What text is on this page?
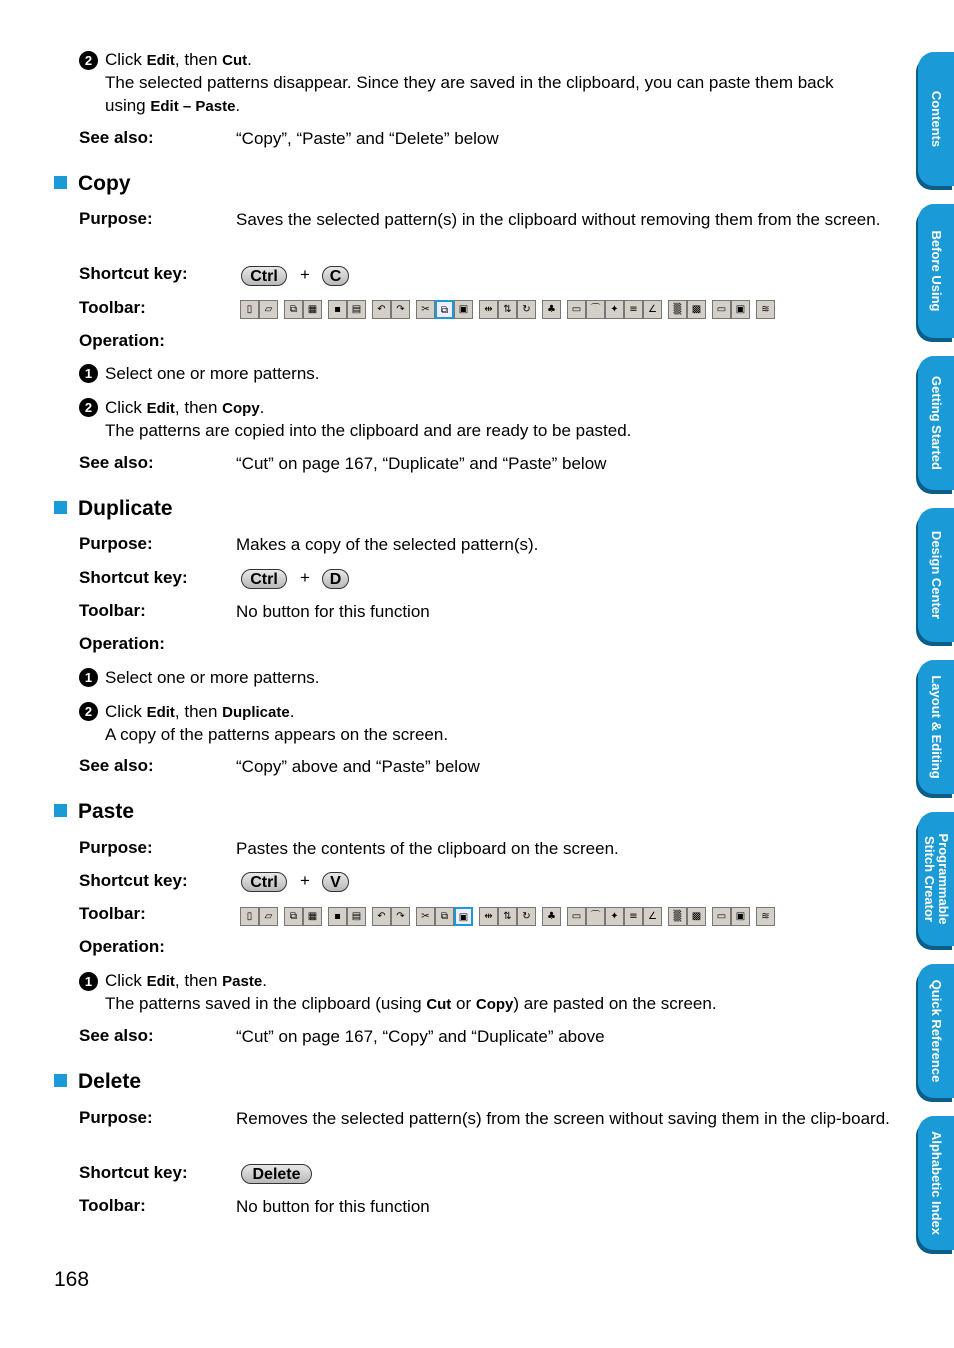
2 Click Edit, then Cut.
The selected patterns disappear. Since they are saved in the clipboard, you can paste them back
using Edit – Paste.
See also:	“Copy”, “Paste” and “Delete” below
Copy
Purpose:	Saves the selected pattern(s) in the clipboard without removing them from the screen.
Shortcut key:	Ctrl	+	C
Toolbar:	▯	▱	⧉	▦	▪	▤	↶	↷	✂	⧉	▣	⇹	⇅	↻	♣	▭ ⌒ ✦	≡	∠	▒	▩	▭ ▣	≋
Operation:
1 Select one or more patterns.
2 Click Edit, then Copy.
The patterns are copied into the clipboard and are ready to be pasted.
See also:	“Cut” on page 167, “Duplicate” and “Paste” below
Duplicate
Purpose:	Makes a copy of the selected pattern(s).
Shortcut key:	Ctrl	+	D
Toolbar:	No button for this function
Operation:
1 Select one or more patterns.
2 Click Edit, then Duplicate.
A copy of the patterns appears on the screen.
See also:	“Copy” above and “Paste” below
Paste
Purpose:	Pastes the contents of the clipboard on the screen.
Shortcut key:	Ctrl	+	V
Toolbar:	▯	▱	⧉	▦	▪	▤	↶	↷	✂	⧉	▣	⇹	⇅	↻	♣	▭ ⌒ ✦	≡	∠	▒	▩	▭ ▣	≋
Operation:
1 Click Edit, then Paste.
The patterns saved in the clipboard (using Cut or Copy) are pasted on the screen.
See also:	“Cut” on page 167, “Copy” and “Duplicate” above
Delete
Purpose:	Removes the selected pattern(s) from the screen without saving them in the clip-board.
Shortcut key:	Delete
Toolbar:	No button for this function
168
Contents
Before Using
Getting Started
Design Center
Layout & Editing
Programmable Stitch Creator
Quick Reference
Alphabetic Index
